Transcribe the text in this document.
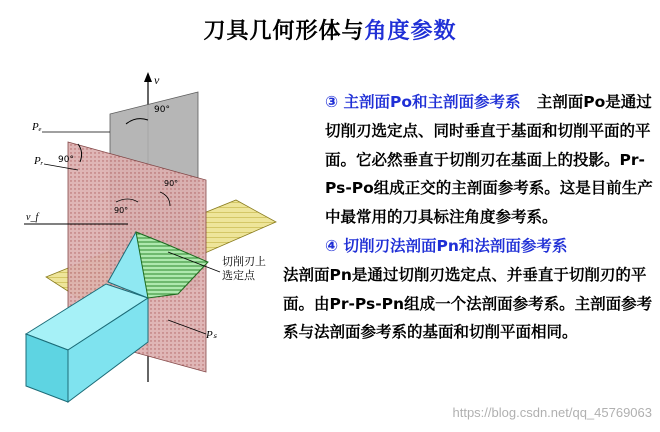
刀具几何形体与角度参数
v
90°
90°
90°
90°
Pₑ
Pᵣ
v_f
Pₛ
切削刃上
选定点

③ 主剖面Po和主剖面参考系 主剖面Po是通过切削刃选定点、同时垂直于基面和切削平面的平面。它必然垂直于切削刃在基面上的投影。Pr-Ps-Po组成正交的主剖面参考系。这是目前生产中最常用的刀具标注角度参考系。

④ 切削刃法剖面Pn和法剖面参考系

法剖面Pn是通过切削刃选定点、并垂直于切削刃的平面。由Pr-Ps-Pn组成一个法剖面参考系。主剖面参考系与法剖面参考系的基面和切削平面相同。

https://blog.csdn.net/qq_45769063
